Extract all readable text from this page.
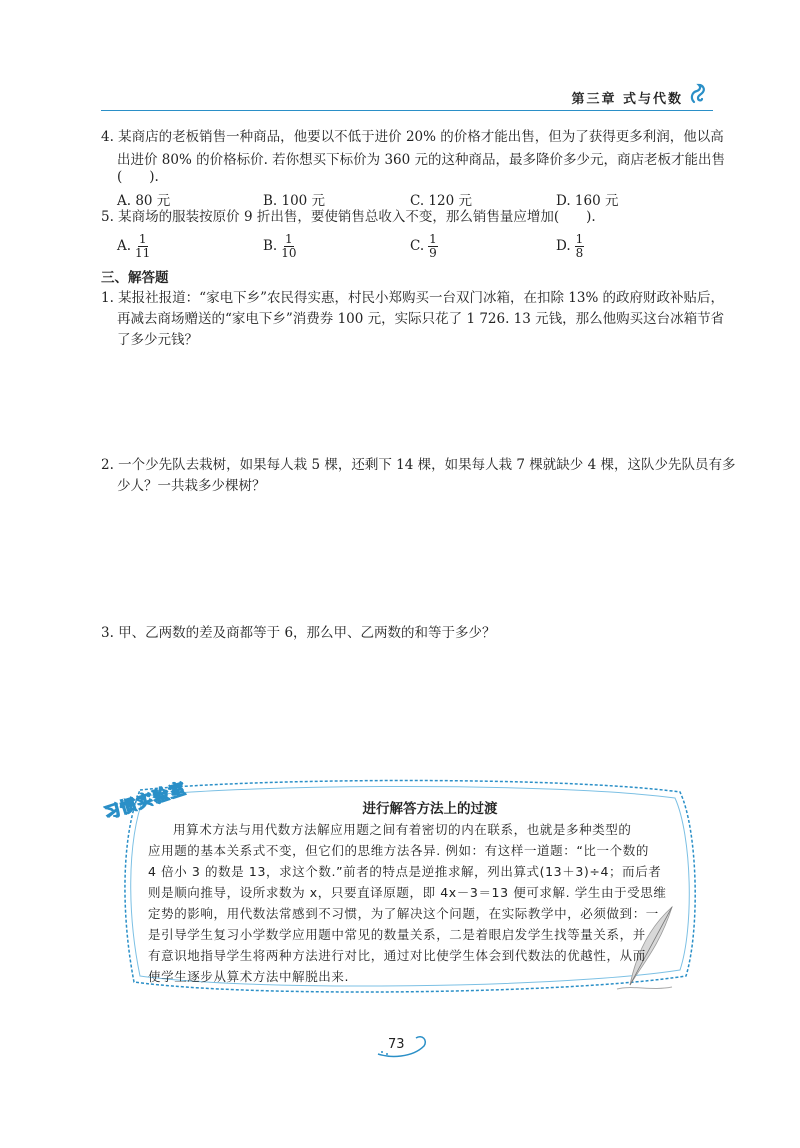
第三章 式与代数
4. 某商店的老板销售一种商品，他要以不低于进价 20% 的价格才能出售，但为了获得更多利润，他以高
出进价 80% 的价格标价. 若你想买下标价为 360 元的这种商品，最多降价多少元，商店老板才能出售
(　　).
A. 80 元	B. 100 元	C. 120 元	D. 160 元
5. 某商场的服装按原价 9 折出售，要使销售总收入不变，那么销售量应增加(　　).
A. $\frac{1}{11}$	B. $\frac{1}{10}$	C. $\frac{1}{9}$	D. $\frac{1}{8}$
三、解答题
1. 某报社报道：“家电下乡”农民得实惠，村民小郑购买一台双门冰箱，在扣除 13% 的政府财政补贴后，
再减去商场赠送的“家电下乡”消费券 100 元，实际只花了 1 726. 13 元钱，那么他购买这台冰箱节省
了多少元钱？
2. 一个少先队去栽树，如果每人栽 5 棵，还剩下 14 棵，如果每人栽 7 棵就缺少 4 棵，这队少先队员有多
少人？一共栽多少棵树？
3. 甲、乙两数的差及商都等于 6，那么甲、乙两数的和等于多少？
习惯实验室	进行解答方法上的过渡
用算术方法与用代数方法解应用题之间有着密切的内在联系，也就是多种类型的
应用题的基本关系式不变，但它们的思维方法各异. 例如：有这样一道题：“比一个数的
4 倍小 3 的数是 13，求这个数.”前者的特点是逆推求解，列出算式(13＋3)÷4；而后者
则是顺向推导，设所求数为 x，只要直译原题，即 4x－3＝13 便可求解. 学生由于受思维
定势的影响，用代数法常感到不习惯，为了解决这个问题，在实际教学中，必须做到：一
是引导学生复习小学数学应用题中常见的数量关系，二是着眼启发学生找等量关系，并
有意识地指导学生将两种方法进行对比，通过对比使学生体会到代数法的优越性，从而
使学生逐步从算术方法中解脱出来.
73
